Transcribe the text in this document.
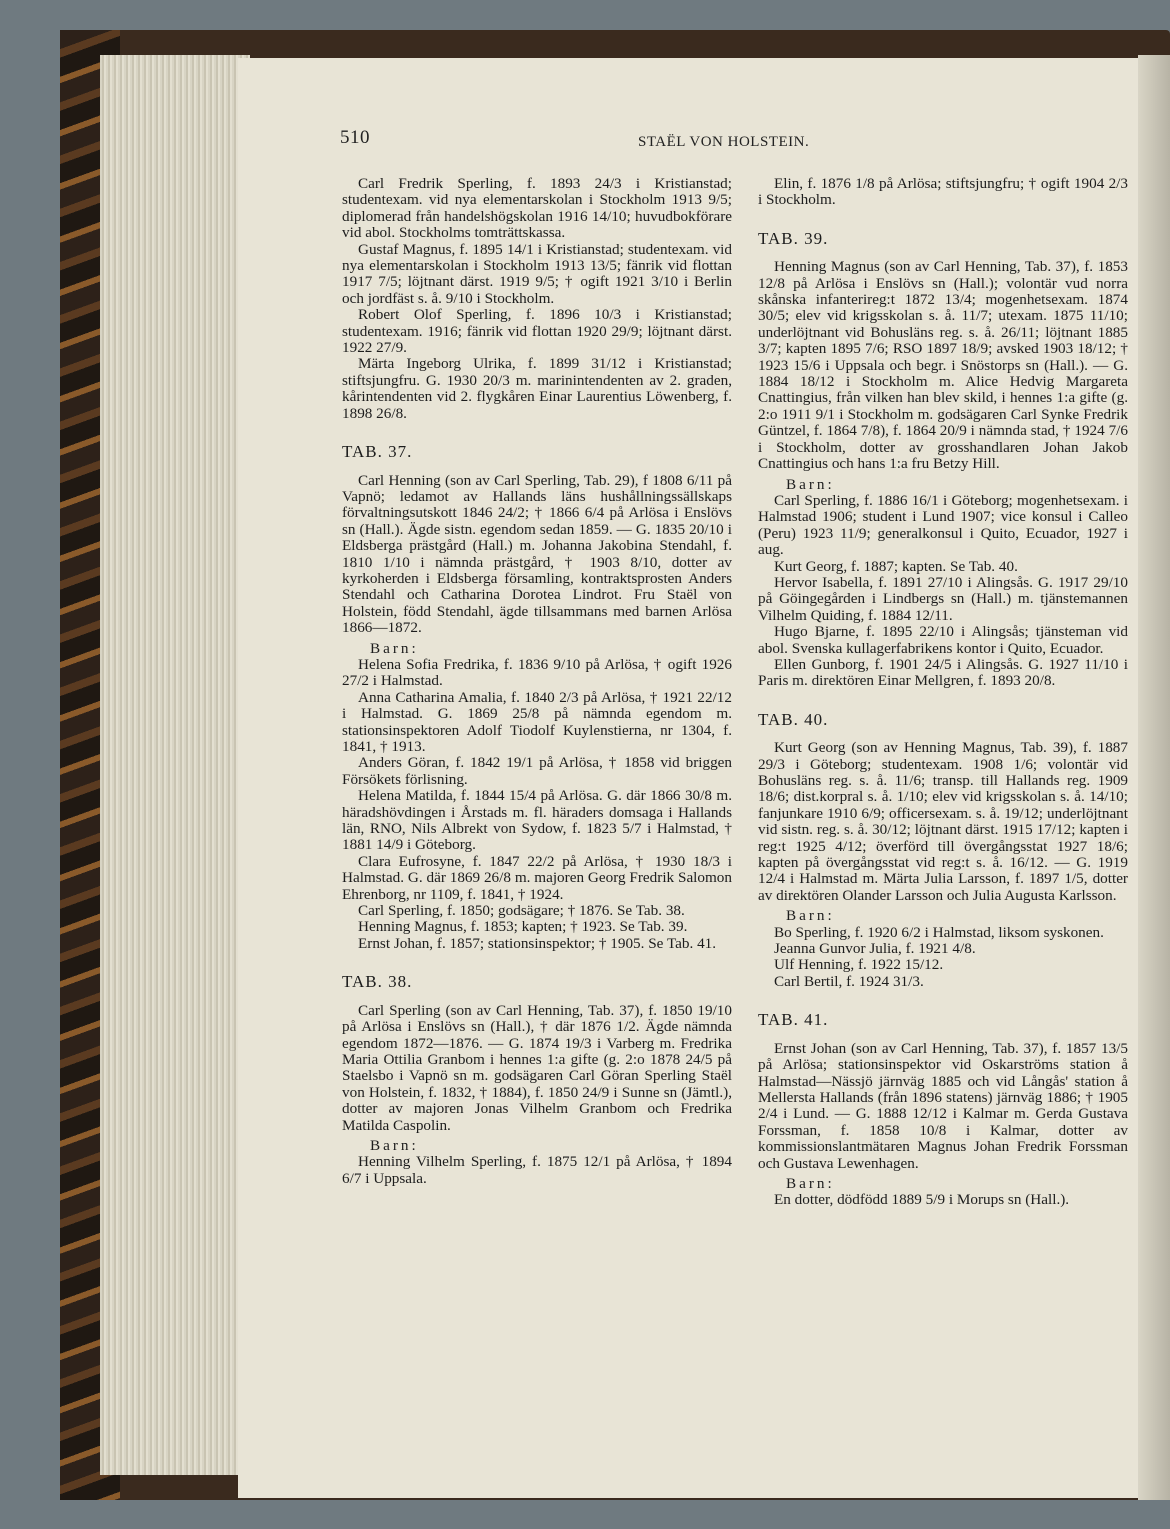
510	STAËL VON HOLSTEIN.

Carl Fredrik Sperling, f. 1893 24/3 i Kristianstad; studentexam. vid nya elementarskolan i Stockholm 1913 9/5; diplomerad från handelshögskolan 1916 14/10; huvudbokförare vid abol. Stockholms tomträttskassa.

Gustaf Magnus, f. 1895 14/1 i Kristianstad; studentexam. vid nya elementarskolan i Stockholm 1913 13/5; fänrik vid flottan 1917 7/5; löjtnant därst. 1919 9/5; † ogift 1921 3/10 i Berlin och jordfäst s. å. 9/10 i Stockholm.

Robert Olof Sperling, f. 1896 10/3 i Kristianstad; studentexam. 1916; fänrik vid flottan 1920 29/9; löjtnant därst. 1922 27/9.

Märta Ingeborg Ulrika, f. 1899 31/12 i Kristianstad; stiftsjungfru. G. 1930 20/3 m. marinintendenten av 2. graden, kårintendenten vid 2. flygkåren Einar Laurentius Löwenberg, f. 1898 26/8.

TAB. 37.

Carl Henning (son av Carl Sperling, Tab. 29), f 1808 6/11 på Vapnö; ledamot av Hallands läns hushållningssällskaps förvaltningsutskott 1846 24/2; † 1866 6/4 på Arlösa i Enslövs sn (Hall.). Ägde sistn. egendom sedan 1859. — G. 1835 20/10 i Eldsberga prästgård (Hall.) m. Johanna Jakobina Stendahl, f. 1810 1/10 i nämnda prästgård, † 1903 8/10, dotter av kyrkoherden i Eldsberga församling, kontraktsprosten Anders Stendahl och Catharina Dorotea Lindrot. Fru Staël von Holstein, född Stendahl, ägde tillsammans med barnen Arlösa 1866—1872.

Barn:

Helena Sofia Fredrika, f. 1836 9/10 på Arlösa, † ogift 1926 27/2 i Halmstad.

Anna Catharina Amalia, f. 1840 2/3 på Arlösa, † 1921 22/12 i Halmstad. G. 1869 25/8 på nämnda egendom m. stationsinspektoren Adolf Tiodolf Kuylenstierna, nr 1304, f. 1841, † 1913.

Anders Göran, f. 1842 19/1 på Arlösa, † 1858 vid briggen Försökets förlisning.

Helena Matilda, f. 1844 15/4 på Arlösa. G. där 1866 30/8 m. häradshövdingen i Årstads m. fl. häraders domsaga i Hallands län, RNO, Nils Albrekt von Sydow, f. 1823 5/7 i Halmstad, † 1881 14/9 i Göteborg.

Clara Eufrosyne, f. 1847 22/2 på Arlösa, † 1930 18/3 i Halmstad. G. där 1869 26/8 m. majoren Georg Fredrik Salomon Ehrenborg, nr 1109, f. 1841, † 1924.

Carl Sperling, f. 1850; godsägare; † 1876. Se Tab. 38.

Henning Magnus, f. 1853; kapten; † 1923. Se Tab. 39.

Ernst Johan, f. 1857; stationsinspektor; † 1905. Se Tab. 41.

TAB. 38.

Carl Sperling (son av Carl Henning, Tab. 37), f. 1850 19/10 på Arlösa i Enslövs sn (Hall.), † där 1876 1/2. Ägde nämnda egendom 1872—1876. — G. 1874 19/3 i Varberg m. Fredrika Maria Ottilia Granbom i hennes 1:a gifte (g. 2:o 1878 24/5 på Staelsbo i Vapnö sn m. godsägaren Carl Göran Sperling Staël von Holstein, f. 1832, † 1884), f. 1850 24/9 i Sunne sn (Jämtl.), dotter av majoren Jonas Vilhelm Granbom och Fredrika Matilda Caspolin.

Barn:

Henning Vilhelm Sperling, f. 1875 12/1 på Arlösa, † 1894 6/7 i Uppsala.

Elin, f. 1876 1/8 på Arlösa; stiftsjungfru; † ogift 1904 2/3 i Stockholm.

TAB. 39.

Henning Magnus (son av Carl Henning, Tab. 37), f. 1853 12/8 på Arlösa i Enslövs sn (Hall.); volontär vud norra skånska infanterireg:t 1872 13/4; mogenhetsexam. 1874 30/5; elev vid krigsskolan s. å. 11/7; utexam. 1875 11/10; underlöjtnant vid Bohusläns reg. s. å. 26/11; löjtnant 1885 3/7; kapten 1895 7/6; RSO 1897 18/9; avsked 1903 18/12; † 1923 15/6 i Uppsala och begr. i Snöstorps sn (Hall.). — G. 1884 18/12 i Stockholm m. Alice Hedvig Margareta Cnattingius, från vilken han blev skild, i hennes 1:a gifte (g. 2:o 1911 9/1 i Stockholm m. godsägaren Carl Synke Fredrik Güntzel, f. 1864 7/8), f. 1864 20/9 i nämnda stad, † 1924 7/6 i Stockholm, dotter av grosshandlaren Johan Jakob Cnattingius och hans 1:a fru Betzy Hill.

Barn:

Carl Sperling, f. 1886 16/1 i Göteborg; mogenhetsexam. i Halmstad 1906; student i Lund 1907; vice konsul i Calleo (Peru) 1923 11/9; generalkonsul i Quito, Ecuador, 1927 i aug.

Kurt Georg, f. 1887; kapten. Se Tab. 40.

Hervor Isabella, f. 1891 27/10 i Alingsås. G. 1917 29/10 på Göingegården i Lindbergs sn (Hall.) m. tjänstemannen Vilhelm Quiding, f. 1884 12/11.

Hugo Bjarne, f. 1895 22/10 i Alingsås; tjänsteman vid abol. Svenska kullagerfabrikens kontor i Quito, Ecuador.

Ellen Gunborg, f. 1901 24/5 i Alingsås. G. 1927 11/10 i Paris m. direktören Einar Mellgren, f. 1893 20/8.

TAB. 40.

Kurt Georg (son av Henning Magnus, Tab. 39), f. 1887 29/3 i Göteborg; studentexam. 1908 1/6; volontär vid Bohusläns reg. s. å. 11/6; transp. till Hallands reg. 1909 18/6; dist.korpral s. å. 1/10; elev vid krigsskolan s. å. 14/10; fanjunkare 1910 6/9; officersexam. s. å. 19/12; underlöjtnant vid sistn. reg. s. å. 30/12; löjtnant därst. 1915 17/12; kapten i reg:t 1925 4/12; överförd till övergångsstat 1927 18/6; kapten på övergångsstat vid reg:t s. å. 16/12. — G. 1919 12/4 i Halmstad m. Märta Julia Larsson, f. 1897 1/5, dotter av direktören Olander Larsson och Julia Augusta Karlsson.

Barn:

Bo Sperling, f. 1920 6/2 i Halmstad, liksom syskonen.

Jeanna Gunvor Julia, f. 1921 4/8.

Ulf Henning, f. 1922 15/12.

Carl Bertil, f. 1924 31/3.

TAB. 41.

Ernst Johan (son av Carl Henning, Tab. 37), f. 1857 13/5 på Arlösa; stationsinspektor vid Oskarströms station å Halmstad—Nässjö järnväg 1885 och vid Långås' station å Mellersta Hallands (från 1896 statens) järnväg 1886; † 1905 2/4 i Lund. — G. 1888 12/12 i Kalmar m. Gerda Gustava Forssman, f. 1858 10/8 i Kalmar, dotter av kommissionslantmätaren Magnus Johan Fredrik Forssman och Gustava Lewenhagen.

Barn:

En dotter, dödfödd 1889 5/9 i Morups sn (Hall.).
